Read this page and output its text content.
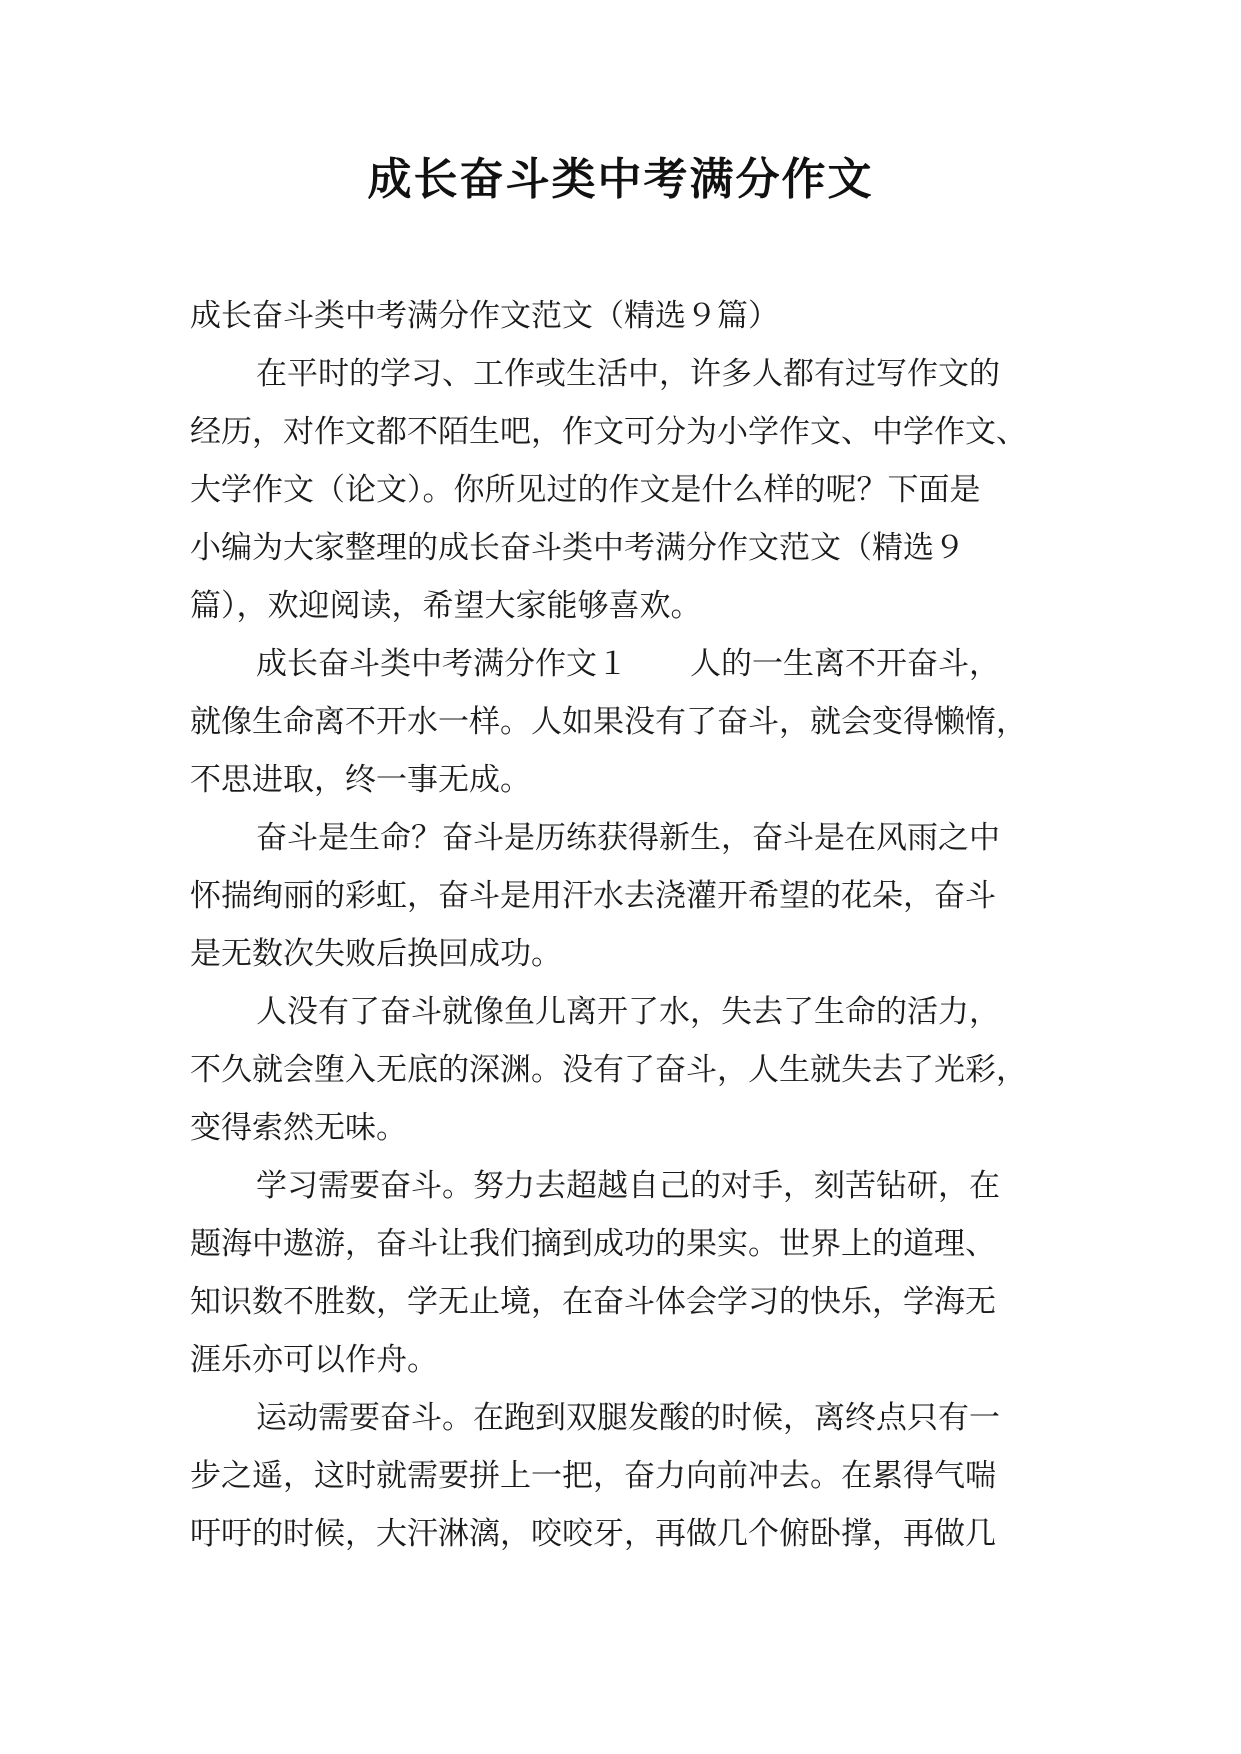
成长奋斗类中考满分作文
成长奋斗类中考满分作文范文（精选９篇）
在平时的学习、工作或生活中，许多人都有过写作文的
经历，对作文都不陌生吧，作文可分为小学作文、中学作文、
大学作文（论文）。你所见过的作文是什么样的呢？下面是
小编为大家整理的成长奋斗类中考满分作文范文（精选９
篇），欢迎阅读，希望大家能够喜欢。
成长奋斗类中考满分作文１　　人的一生离不开奋斗，
就像生命离不开水一样。人如果没有了奋斗，就会变得懒惰，
不思进取，终一事无成。
奋斗是生命？奋斗是历练获得新生，奋斗是在风雨之中
怀揣绚丽的彩虹，奋斗是用汗水去浇灌开希望的花朵，奋斗
是无数次失败后换回成功。
人没有了奋斗就像鱼儿离开了水，失去了生命的活力，
不久就会堕入无底的深渊。没有了奋斗，人生就失去了光彩，
变得索然无味。
学习需要奋斗。努力去超越自己的对手，刻苦钻研，在
题海中遨游，奋斗让我们摘到成功的果实。世界上的道理、
知识数不胜数，学无止境，在奋斗体会学习的快乐，学海无
涯乐亦可以作舟。
运动需要奋斗。在跑到双腿发酸的时候，离终点只有一
步之遥，这时就需要拼上一把，奋力向前冲去。在累得气喘
吁吁的时候，大汗淋漓，咬咬牙，再做几个俯卧撑，再做几
